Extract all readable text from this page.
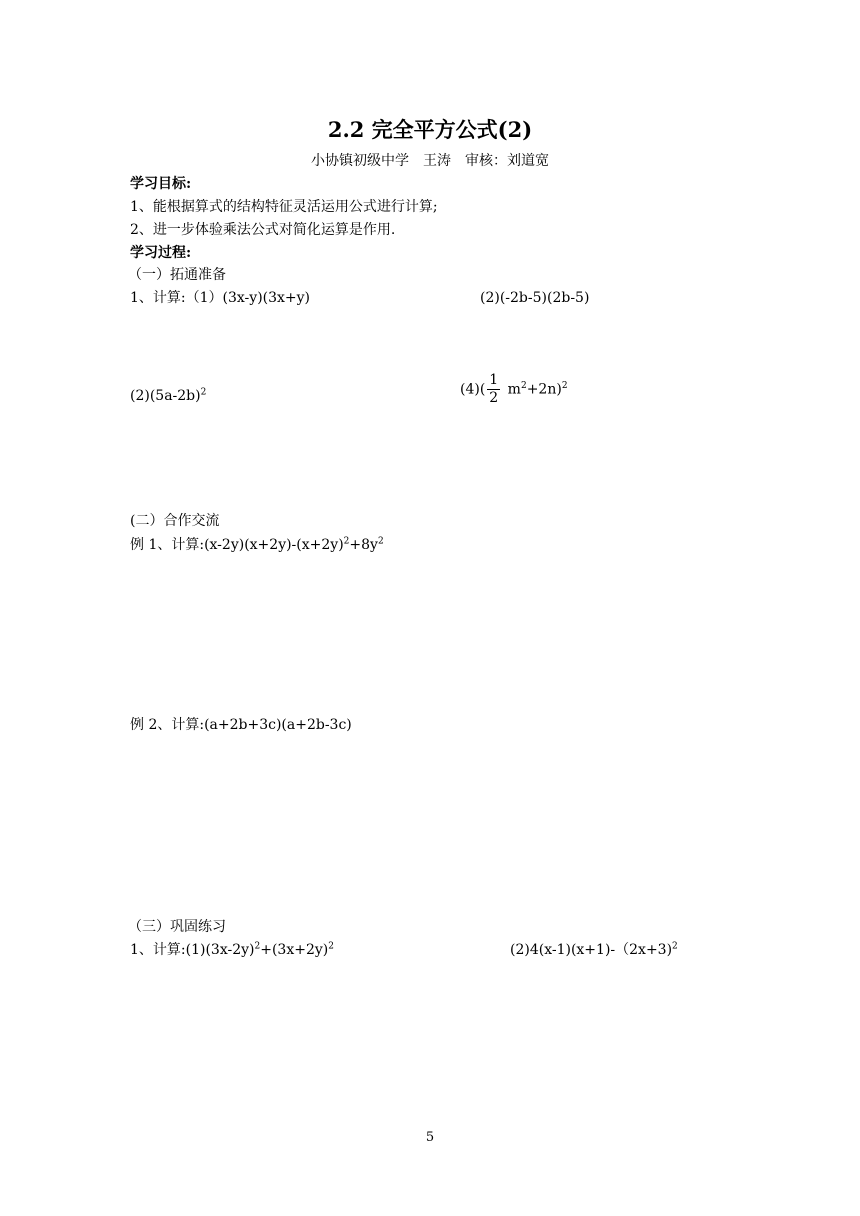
2.2 完全平方公式(2)
小协镇初级中学　王涛　审核：刘道宽
学习目标:
1、能根据算式的结构特征灵活运用公式进行计算;
2、进一步体验乘法公式对简化运算是作用.
学习过程:
（一）拓通准备
1、计算:（1）(3x-y)(3x+y)	(2)(-2b-5)(2b-5)
$(2)(5a-2b)^2$	$(4)( \frac{1}{2} m^2+2n)^2$
(二）合作交流
例 1、计算$:(x-2y)(x+2y)-(x+2y)^2+8y^2$
例 2、计算:(a+2b+3c)(a+2b-3c)
（三）巩固练习
1、计算$:(1)(3x-2y)^2+(3x+2y)^2$	(2)4(x-1)(x+1)-（2x+3)$^2$
5
